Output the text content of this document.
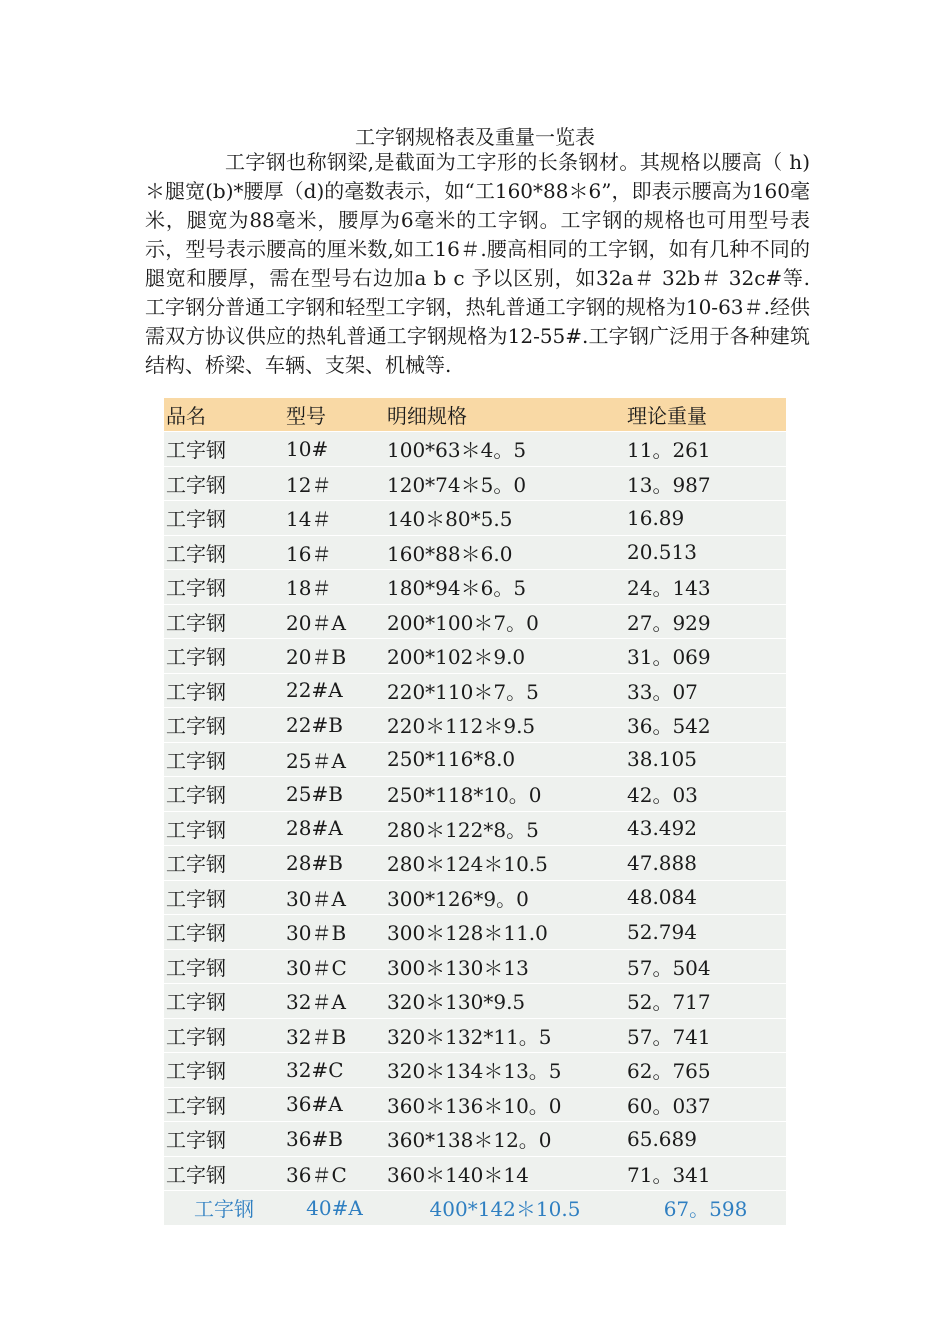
工字钢规格表及重量一览表

工字钢也称钢梁,是截面为工字形的长条钢材。其规格以腰高（ h)＊腿宽(b)*腰厚（d)的毫数表示，如“工160*88＊6”，即表示腰高为160毫米，腿宽为88毫米，腰厚为6毫米的工字钢。工字钢的规格也可用型号表示，型号表示腰高的厘米数,如工16＃.腰高相同的工字钢，如有几种不同的腿宽和腰厚，需在型号右边加a b c 予以区别，如32a＃ 32b＃ 32c#等. 工字钢分普通工字钢和轻型工字钢，热轧普通工字钢的规格为10-63＃.经供需双方协议供应的热轧普通工字钢规格为12-55#.工字钢广泛用于各种建筑结构、桥梁、车辆、支架、机械等.

品名	型号	明细规格	理论重量
工字钢	10#	100*63＊4。5	11。261
工字钢	12＃	120*74＊5。0	13。987
工字钢	14＃	140＊80*5.5	16.89
工字钢	16＃	160*88＊6.0	20.513
工字钢	18＃	180*94＊6。5	24。143
工字钢	20＃A	200*100＊7。0	27。929
工字钢	20＃B	200*102＊9.0	31。069
工字钢	22#A	220*110＊7。5	33。07
工字钢	22#B	220＊112＊9.5	36。542
工字钢	25＃A	250*116*8.0	38.105
工字钢	25#B	250*118*10。0	42。03
工字钢	28#A	280＊122*8。5	43.492
工字钢	28#B	280＊124＊10.5	47.888
工字钢	30＃A	300*126*9。0	48.084
工字钢	30＃B	300＊128＊11.0	52.794
工字钢	30＃C	300＊130＊13	57。504
工字钢	32＃A	320＊130*9.5	52。717
工字钢	32＃B	320＊132*11。5	57。741
工字钢	32#C	320＊134＊13。5	62。765
工字钢	36#A	360＊136＊10。0	60。037
工字钢	36#B	360*138＊12。0	65.689
工字钢	36＃C	360＊140＊14	71。341
工字钢	40#A	400*142＊10.5	67。598
